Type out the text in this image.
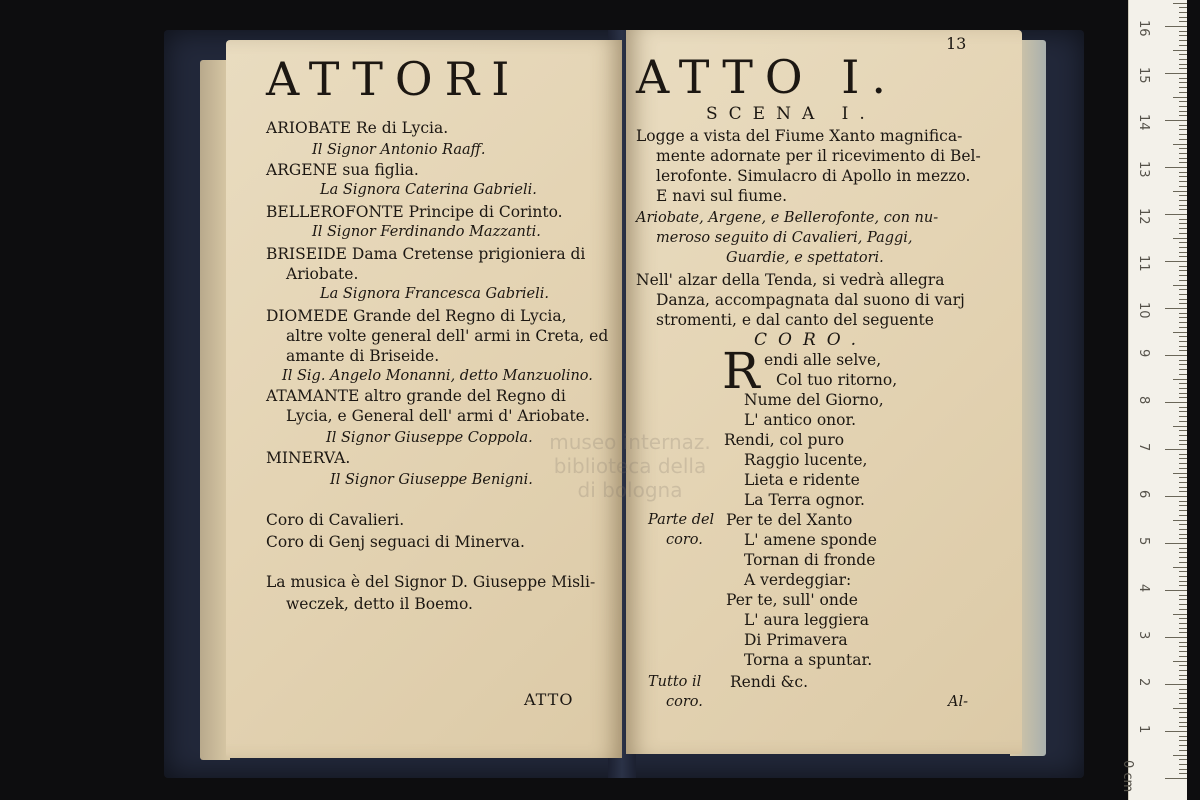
ATTORI
ARIOBATE Re di Lycia.
Il Signor Antonio Raaff.
ARGENE sua figlia.
La Signora Caterina Gabrieli.
BELLEROFONTE Principe di Corinto.
Il Signor Ferdinando Mazzanti.
BRISEIDE Dama Cretense prigioniera di
Ariobate.
La Signora Francesca Gabrieli.
DIOMEDE Grande del Regno di Lycia,
altre volte general dell' armi in Creta, ed
amante di Briseide.
Il Sig. Angelo Monanni, detto Manzuolino.
ATAMANTE altro grande del Regno di
Lycia, e General dell' armi d' Ariobate.
Il Signor Giuseppe Coppola.
MINERVA.
Il Signor Giuseppe Benigni.
Coro di Cavalieri.
Coro di Genj seguaci di Minerva.
La musica è del Signor D. Giuseppe Misli-
weczek, detto il Boemo.
ATTO
13
ATTO I.
SCENA I.
Logge a vista del Fiume Xanto magnifica-
mente adornate per il ricevimento di Bel-
lerofonte. Simulacro di Apollo in mezzo.
E navi sul fiume.
Ariobate, Argene, e Bellerofonte, con nu-
meroso seguito di Cavalieri, Paggi,
Guardie, e spettatori.
Nell' alzar della Tenda, si vedrà allegra
Danza, accompagnata dal suono di varj
stromenti, e dal canto del seguente
CORO.
R endi alle selve,
Col tuo ritorno,
Nume del Giorno,
L' antico onor.
Rendi, col puro
Raggio lucente,
Lieta e ridente
La Terra ognor.
Parte del
coro.
Per te del Xanto
L' amene sponde
Tornan di fronde
A verdeggiar:
Per te, sull' onde
L' aura leggiera
Di Primavera
Torna a spuntar.
Tutto il
coro.
Rendi &c.
Al-
museo internaz.
biblioteca della
di bologna
0 cm
1
2
3
4
5
6
7
8
9
10
11
12
13
14
15
16
